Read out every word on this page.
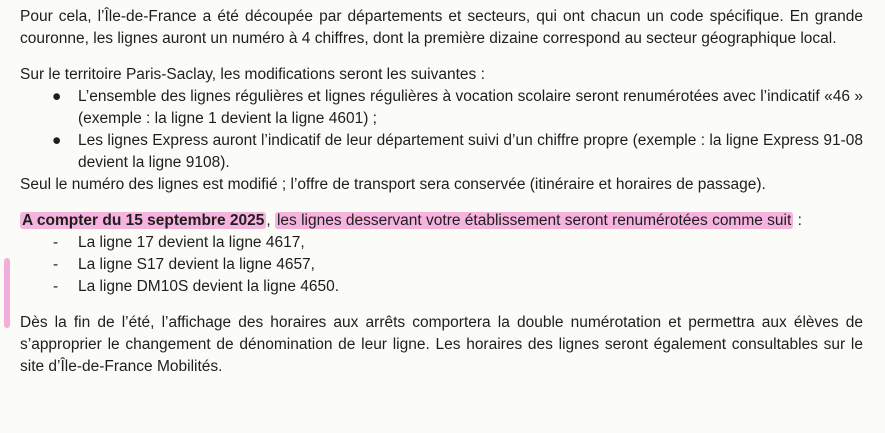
Pour cela, l’Île-de-France a été découpée par départements et secteurs, qui ont chacun un code spécifique. En grande couronne, les lignes auront un numéro à 4 chiffres, dont la première dizaine correspond au secteur géographique local.

Sur le territoire Paris-Saclay, les modifications seront les suivantes :

● L’ensemble des lignes régulières et lignes régulières à vocation scolaire seront renumérotées avec l’indicatif «46 » (exemple : la ligne 1 devient la ligne 4601) ;
● Les lignes Express auront l’indicatif de leur département suivi d’un chiffre propre (exemple : la ligne Express 91-08 devient la ligne 9108).

Seul le numéro des lignes est modifié ; l’offre de transport sera conservée (itinéraire et horaires de passage).

A compter du 15 septembre 2025 , les lignes desservant votre établissement seront renumérotées comme suit :

- La ligne 17 devient la ligne 4617,
- La ligne S17 devient la ligne 4657,
- La ligne DM10S devient la ligne 4650.

Dès la fin de l’été, l’affichage des horaires aux arrêts comportera la double numérotation et permettra aux élèves de s’approprier le changement de dénomination de leur ligne. Les horaires des lignes seront également consultables sur le site d’Île-de-France Mobilités.
